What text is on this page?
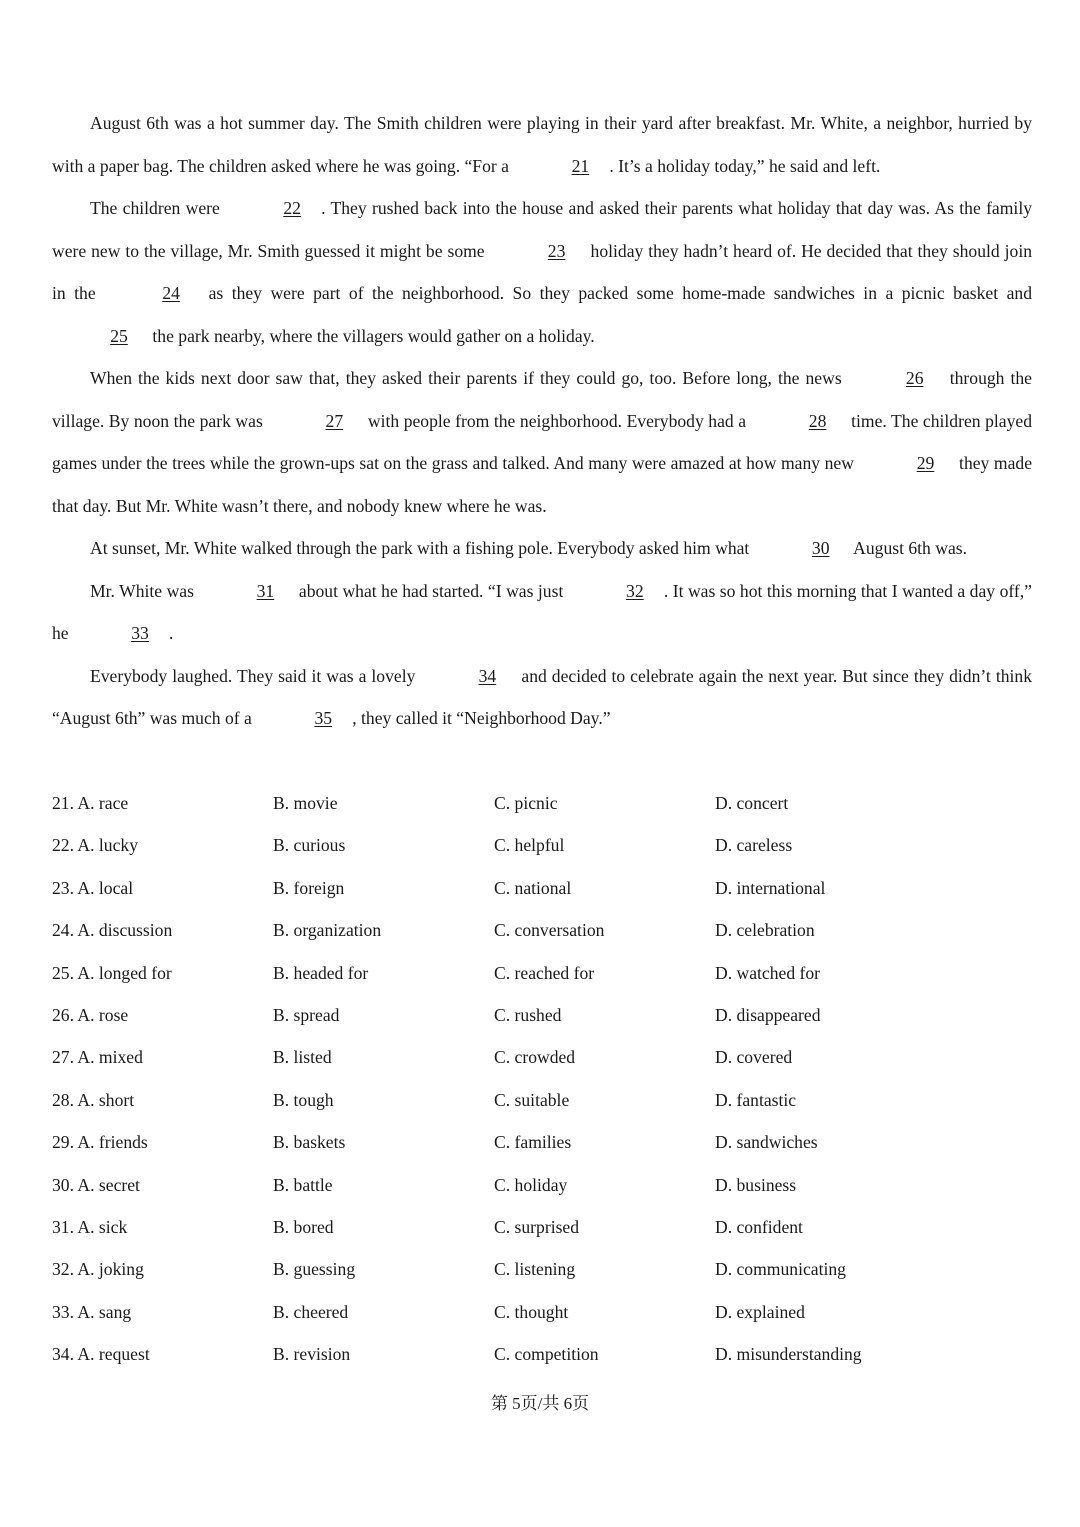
August 6th was a hot summer day. The Smith children were playing in their yard after breakfast. Mr. White, a neighbor, hurried by with a paper bag. The children asked where he was going. “For a	21 . It’s a holiday today,” he said and left.

The children were	22 . They rushed back into the house and asked their parents what holiday that day was. As the family were new to the village, Mr. Smith guessed it might be some	23 holiday they hadn’t heard of. He decided that they should join in the	24 as they were part of the neighborhood. So they packed some home-made sandwiches in a picnic basket and 25 the park nearby, where the villagers would gather on a holiday.

When the kids next door saw that, they asked their parents if they could go, too. Before long, the news	26 through the village. By noon the park was	27 with people from the neighborhood. Everybody had a	28 time. The children played games under the trees while the grown-ups sat on the grass and talked. And many were amazed at how many new	29 they made that day. But Mr. White wasn’t there, and nobody knew where he was.

At sunset, Mr. White walked through the park with a fishing pole. Everybody asked him what	30 August 6th was.

Mr. White was	31 about what he had started. “I was just	32 . It was so hot this morning that I wanted a day off,” he	33 .

Everybody laughed. They said it was a lovely	34 and decided to celebrate again the next year. But since they didn’t think “August 6th” was much of a	35 , they called it “Neighborhood Day.”

21. A. race	B. movie	C. picnic	D. concert
22. A. lucky	B. curious	C. helpful	D. careless
23. A. local	B. foreign	C. national	D. international
24. A. discussion	B. organization	C. conversation	D. celebration
25. A. longed for	B. headed for	C. reached for	D. watched for
26. A. rose	B. spread	C. rushed	D. disappeared
27. A. mixed	B. listed	C. crowded	D. covered
28. A. short	B. tough	C. suitable	D. fantastic
29. A. friends	B. baskets	C. families	D. sandwiches
30. A. secret	B. battle	C. holiday	D. business
31. A. sick	B. bored	C. surprised	D. confident
32. A. joking	B. guessing	C. listening	D. communicating
33. A. sang	B. cheered	C. thought	D. explained
34. A. request	B. revision	C. competition	D. misunderstanding
第 5页/共 6页
